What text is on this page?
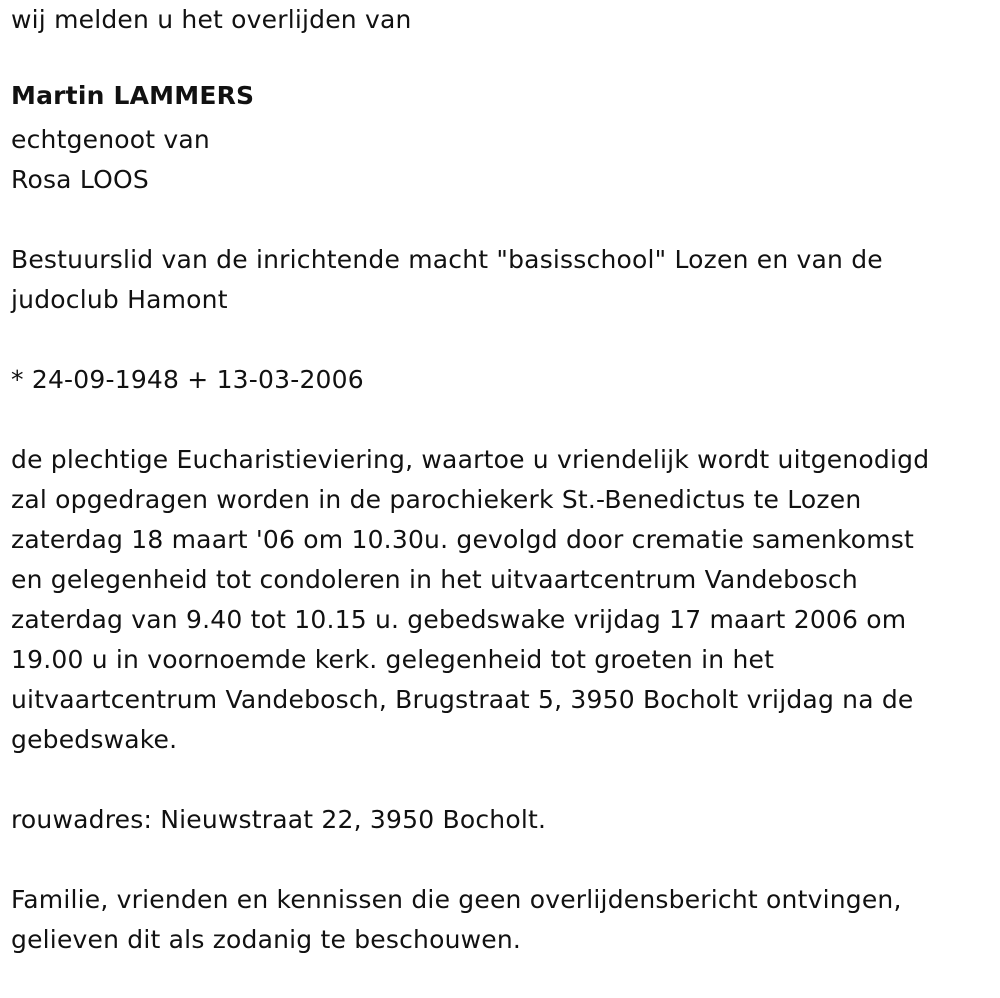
wij melden u het overlijden van
Martin LAMMERS
echtgenoot van
Rosa LOOS
Bestuurslid van de inrichtende macht "basisschool" Lozen en van de
judoclub Hamont
* 24-09-1948 + 13-03-2006
de plechtige Eucharistieviering, waartoe u vriendelijk wordt uitgenodigd
zal opgedragen worden in de parochiekerk St.-Benedictus te Lozen
zaterdag 18 maart '06 om 10.30u. gevolgd door crematie samenkomst
en gelegenheid tot condoleren in het uitvaartcentrum Vandebosch
zaterdag van 9.40 tot 10.15 u. gebedswake vrijdag 17 maart 2006 om
19.00 u in voornoemde kerk. gelegenheid tot groeten in het
uitvaartcentrum Vandebosch, Brugstraat 5, 3950 Bocholt vrijdag na de
gebedswake.
rouwadres: Nieuwstraat 22, 3950 Bocholt.
Familie, vrienden en kennissen die geen overlijdensbericht ontvingen,
gelieven dit als zodanig te beschouwen.
